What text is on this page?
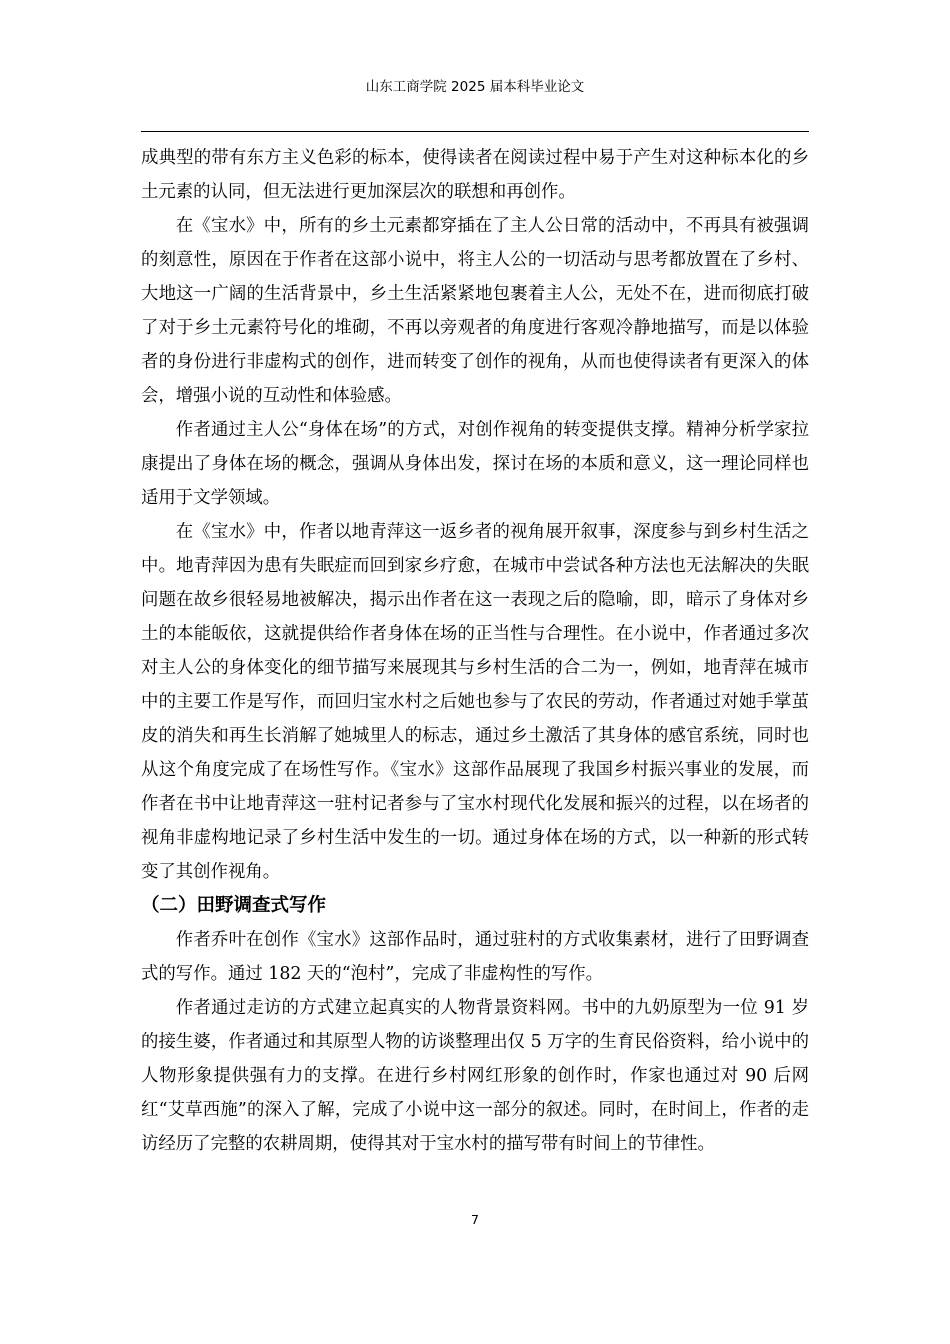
山东工商学院 2025 届本科毕业论文

成典型的带有东方主义色彩的标本，使得读者在阅读过程中易于产生对这种标本化的乡土元素的认同，但无法进行更加深层次的联想和再创作。

在《宝水》中，所有的乡土元素都穿插在了主人公日常的活动中，不再具有被强调的刻意性，原因在于作者在这部小说中，将主人公的一切活动与思考都放置在了乡村、大地这一广阔的生活背景中，乡土生活紧紧地包裹着主人公，无处不在，进而彻底打破了对于乡土元素符号化的堆砌，不再以旁观者的角度进行客观冷静地描写，而是以体验者的身份进行非虚构式的创作，进而转变了创作的视角，从而也使得读者有更深入的体会，增强小说的互动性和体验感。

作者通过主人公“身体在场”的方式，对创作视角的转变提供支撑。精神分析学家拉康提出了身体在场的概念，强调从身体出发，探讨在场的本质和意义，这一理论同样也适用于文学领域。

在《宝水》中，作者以地青萍这一返乡者的视角展开叙事，深度参与到乡村生活之中。地青萍因为患有失眠症而回到家乡疗愈，在城市中尝试各种方法也无法解决的失眠问题在故乡很轻易地被解决，揭示出作者在这一表现之后的隐喻，即，暗示了身体对乡土的本能皈依，这就提供给作者身体在场的正当性与合理性。在小说中，作者通过多次对主人公的身体变化的细节描写来展现其与乡村生活的合二为一，例如，地青萍在城市中的主要工作是写作，而回归宝水村之后她也参与了农民的劳动，作者通过对她手掌茧皮的消失和再生长消解了她城里人的标志，通过乡土激活了其身体的感官系统，同时也从这个角度完成了在场性写作。《宝水》这部作品展现了我国乡村振兴事业的发展，而作者在书中让地青萍这一驻村记者参与了宝水村现代化发展和振兴的过程，以在场者的视角非虚构地记录了乡村生活中发生的一切。通过身体在场的方式，以一种新的形式转变了其创作视角。

（二）田野调查式写作

作者乔叶在创作《宝水》这部作品时，通过驻村的方式收集素材，进行了田野调查式的写作。通过 182 天的“泡村”，完成了非虚构性的写作。

作者通过走访的方式建立起真实的人物背景资料网。书中的九奶原型为一位 91 岁的接生婆，作者通过和其原型人物的访谈整理出仅 5 万字的生育民俗资料，给小说中的人物形象提供强有力的支撑。在进行乡村网红形象的创作时，作家也通过对 90 后网红“艾草西施”的深入了解，完成了小说中这一部分的叙述。同时，在时间上，作者的走访经历了完整的农耕周期，使得其对于宝水村的描写带有时间上的节律性。

7
